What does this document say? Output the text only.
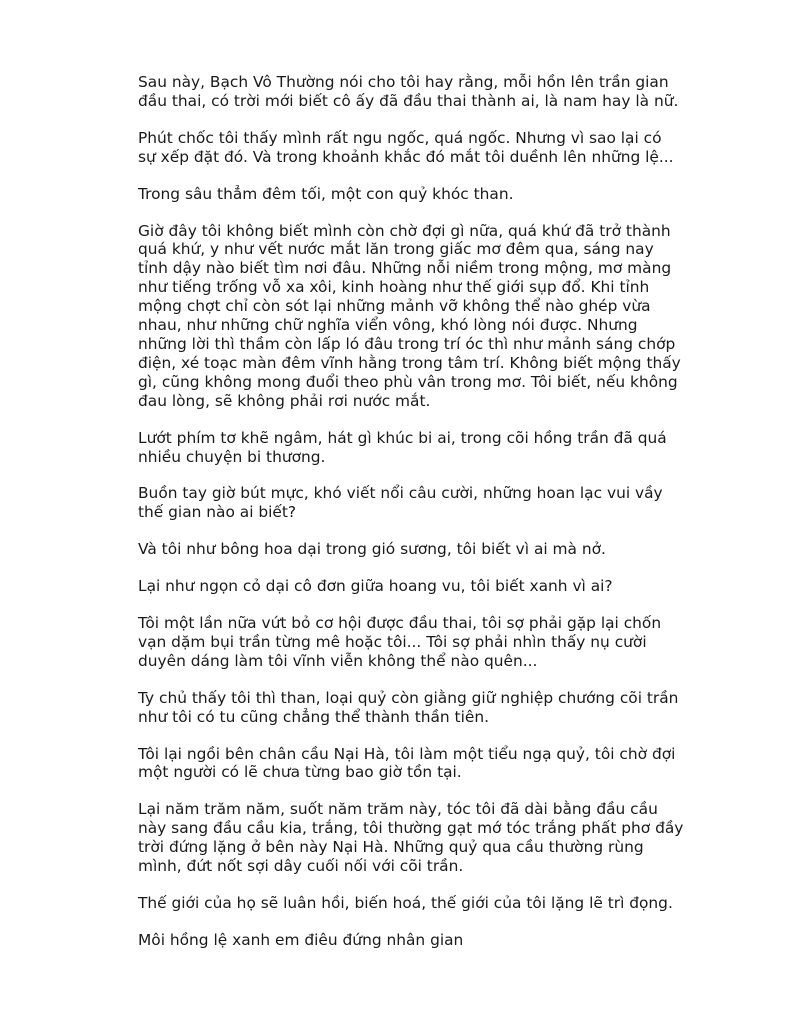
Sau này, Bạch Vô Thường nói cho tôi hay rằng, mỗi hồn lên trần gian
đầu thai, có trời mới biết cô ấy đã đầu thai thành ai, là nam hay là nữ.

Phút chốc tôi thấy mình rất ngu ngốc, quá ngốc. Nhưng vì sao lại có
sự xếp đặt đó. Và trong khoảnh khắc đó mắt tôi duềnh lên những lệ...

Trong sâu thẳm đêm tối, một con quỷ khóc than.

Giờ đây tôi không biết mình còn chờ đợi gì nữa, quá khứ đã trở thành
quá khứ, y như vết nước mắt lăn trong giấc mơ đêm qua, sáng nay
tỉnh dậy nào biết tìm nơi đâu. Những nỗi niềm trong mộng, mơ màng
như tiếng trống vỗ xa xôi, kinh hoàng như thế giới sụp đổ. Khi tỉnh
mộng chợt chỉ còn sót lại những mảnh vỡ không thể nào ghép vừa
nhau, như những chữ nghĩa viển vông, khó lòng nói được. Nhưng
những lời thì thầm còn lấp ló đâu trong trí óc thì như mảnh sáng chớp
điện, xé toạc màn đêm vĩnh hằng trong tâm trí. Không biết mộng thấy
gì, cũng không mong đuổi theo phù vân trong mơ. Tôi biết, nếu không
đau lòng, sẽ không phải rơi nước mắt.

Lướt phím tơ khẽ ngâm, hát gì khúc bi ai, trong cõi hồng trần đã quá
nhiều chuyện bi thương.

Buồn tay giờ bút mực, khó viết nổi câu cười, những hoan lạc vui vầy
thế gian nào ai biết?

Và tôi như bông hoa dại trong gió sương, tôi biết vì ai mà nở.

Lại như ngọn cỏ dại cô đơn giữa hoang vu, tôi biết xanh vì ai?

Tôi một lần nữa vứt bỏ cơ hội được đầu thai, tôi sợ phải gặp lại chốn
vạn dặm bụi trần từng mê hoặc tôi... Tôi sợ phải nhìn thấy nụ cười
duyên dáng làm tôi vĩnh viễn không thể nào quên...

Ty chủ thấy tôi thì than, loại quỷ còn giằng giữ nghiệp chướng cõi trần
như tôi có tu cũng chẳng thể thành thần tiên.

Tôi lại ngồi bên chân cầu Nại Hà, tôi làm một tiểu ngạ quỷ, tôi chờ đợi
một người có lẽ chưa từng bao giờ tồn tại.

Lại năm trăm năm, suốt năm trăm này, tóc tôi đã dài bằng đầu cầu
này sang đầu cầu kia, trắng, tôi thường gạt mớ tóc trắng phất phơ đầy
trời đứng lặng ở bên này Nại Hà. Những quỷ qua cầu thường rùng
mình, đứt nốt sợi dây cuối nối với cõi trần.

Thế giới của họ sẽ luân hồi, biến hoá, thế giới của tôi lặng lẽ trì đọng.

Môi hồng lệ xanh em điêu đứng nhân gian
